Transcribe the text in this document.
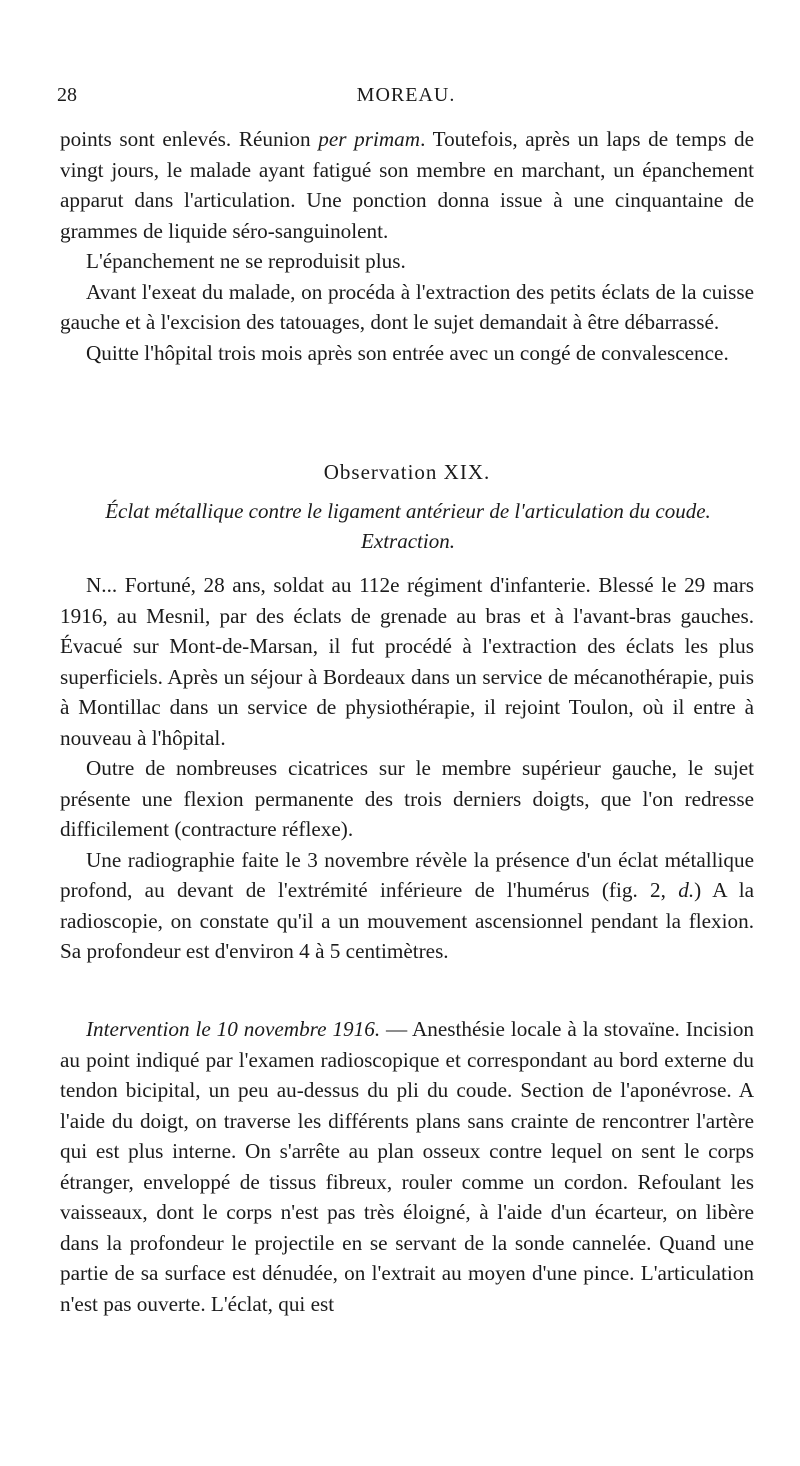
28	MOREAU.

points sont enlevés. Réunion per primam. Toutefois, après un laps de temps de vingt jours, le malade ayant fatigué son membre en marchant, un épanchement apparut dans l'articulation. Une ponction donna issue à une cinquantaine de grammes de liquide séro-sanguinolent.

L'épanchement ne se reproduisit plus.

Avant l'exeat du malade, on procéda à l'extraction des petits éclats de la cuisse gauche et à l'excision des tatouages, dont le sujet demandait à être débarrassé.

Quitte l'hôpital trois mois après son entrée avec un congé de convalescence.

Observation XIX.
Éclat métallique contre le ligament antérieur de l'articulation du coude. Extraction.

N... Fortuné, 28 ans, soldat au 112e régiment d'infanterie. Blessé le 29 mars 1916, au Mesnil, par des éclats de grenade au bras et à l'avant-bras gauches. Évacué sur Mont-de-Marsan, il fut procédé à l'extraction des éclats les plus superficiels. Après un séjour à Bordeaux dans un service de mécanothérapie, puis à Montillac dans un service de physiothérapie, il rejoint Toulon, où il entre à nouveau à l'hôpital.

Outre de nombreuses cicatrices sur le membre supérieur gauche, le sujet présente une flexion permanente des trois derniers doigts, que l'on redresse difficilement (contracture réflexe).

Une radiographie faite le 3 novembre révèle la présence d'un éclat métallique profond, au devant de l'extrémité inférieure de l'humérus (fig. 2, d.) A la radioscopie, on constate qu'il a un mouvement ascensionnel pendant la flexion. Sa profondeur est d'environ 4 à 5 centimètres.

Intervention le 10 novembre 1916. — Anesthésie locale à la stovaïne. Incision au point indiqué par l'examen radioscopique et correspondant au bord externe du tendon bicipital, un peu au-dessus du pli du coude. Section de l'aponévrose. A l'aide du doigt, on traverse les différents plans sans crainte de rencontrer l'artère qui est plus interne. On s'arrête au plan osseux contre lequel on sent le corps étranger, enveloppé de tissus fibreux, rouler comme un cordon. Refoulant les vaisseaux, dont le corps n'est pas très éloigné, à l'aide d'un écarteur, on libère dans la profondeur le projectile en se servant de la sonde cannelée. Quand une partie de sa surface est dénudée, on l'extrait au moyen d'une pince. L'articulation n'est pas ouverte. L'éclat, qui est
